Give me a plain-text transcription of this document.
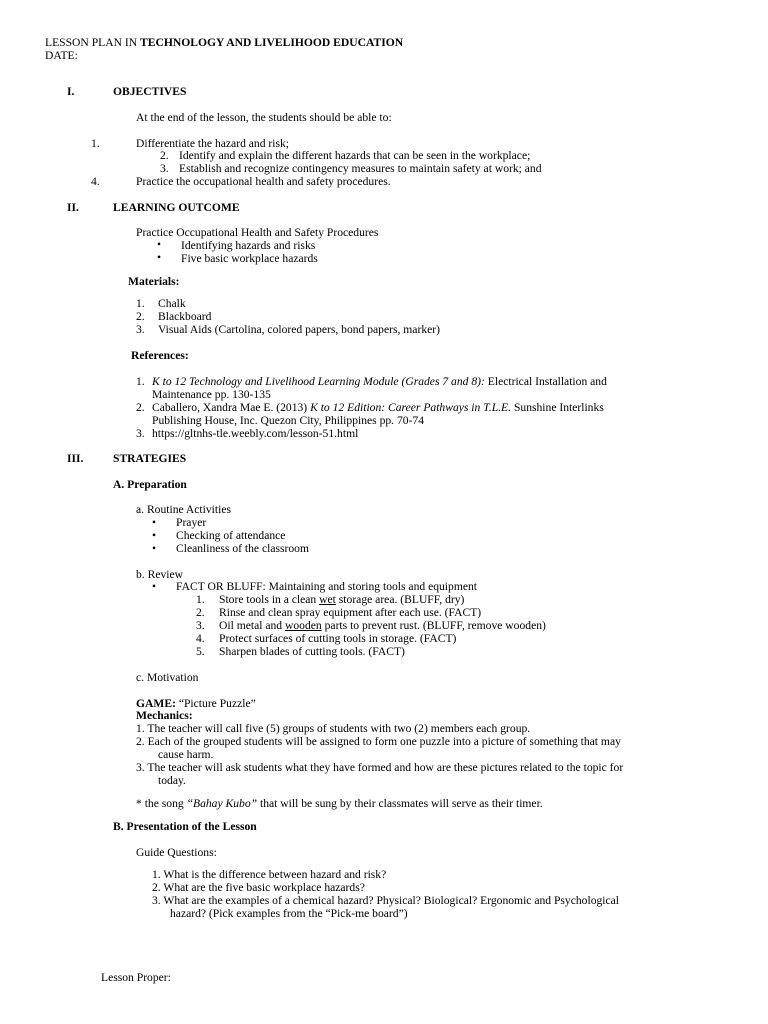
LESSON PLAN IN TECHNOLOGY AND LIVELIHOOD EDUCATION
DATE:
I.	OBJECTIVES
At the end of the lesson, the students should be able to:
1.	Differentiate the hazard and risk;
2. Identify and explain the different hazards that can be seen in the workplace;
3. Establish and recognize contingency measures to maintain safety at work; and
4.	Practice the occupational health and safety procedures.
II.	LEARNING OUTCOME
Practice Occupational Health and Safety Procedures
• Identifying hazards and risks
• Five basic workplace hazards
Materials:
1. Chalk
2. Blackboard
3. Visual Aids (Cartolina, colored papers, bond papers, marker)
References:
1. K to 12 Technology and Livelihood Learning Module (Grades 7 and 8): Electrical Installation and
Maintenance pp. 130-135
2. Caballero, Xandra Mae E. (2013) K to 12 Edition: Career Pathways in T.L.E. Sunshine Interlinks
Publishing House, Inc. Quezon City, Philippines pp. 70-74
3. https://gltnhs-tle.weebly.com/lesson-51.html
III.	STRATEGIES
A. Preparation
a. Routine Activities
• Prayer
• Checking of attendance
• Cleanliness of the classroom
b. Review
• FACT OR BLUFF: Maintaining and storing tools and equipment
1. Store tools in a clean wet storage area. (BLUFF, dry)
2. Rinse and clean spray equipment after each use. (FACT)
3. Oil metal and wooden parts to prevent rust. (BLUFF, remove wooden)
4. Protect surfaces of cutting tools in storage. (FACT)
5. Sharpen blades of cutting tools. (FACT)
c. Motivation
GAME: “Picture Puzzle”
Mechanics:
1. The teacher will call five (5) groups of students with two (2) members each group.
2. Each of the grouped students will be assigned to form one puzzle into a picture of something that may
cause harm.
3. The teacher will ask students what they have formed and how are these pictures related to the topic for
today.
* the song “Bahay Kubo” that will be sung by their classmates will serve as their timer.
B. Presentation of the Lesson
Guide Questions:
1. What is the difference between hazard and risk?
2. What are the five basic workplace hazards?
3. What are the examples of a chemical hazard? Physical? Biological? Ergonomic and Psychological
hazard? (Pick examples from the “Pick-me board”)
Lesson Proper:
